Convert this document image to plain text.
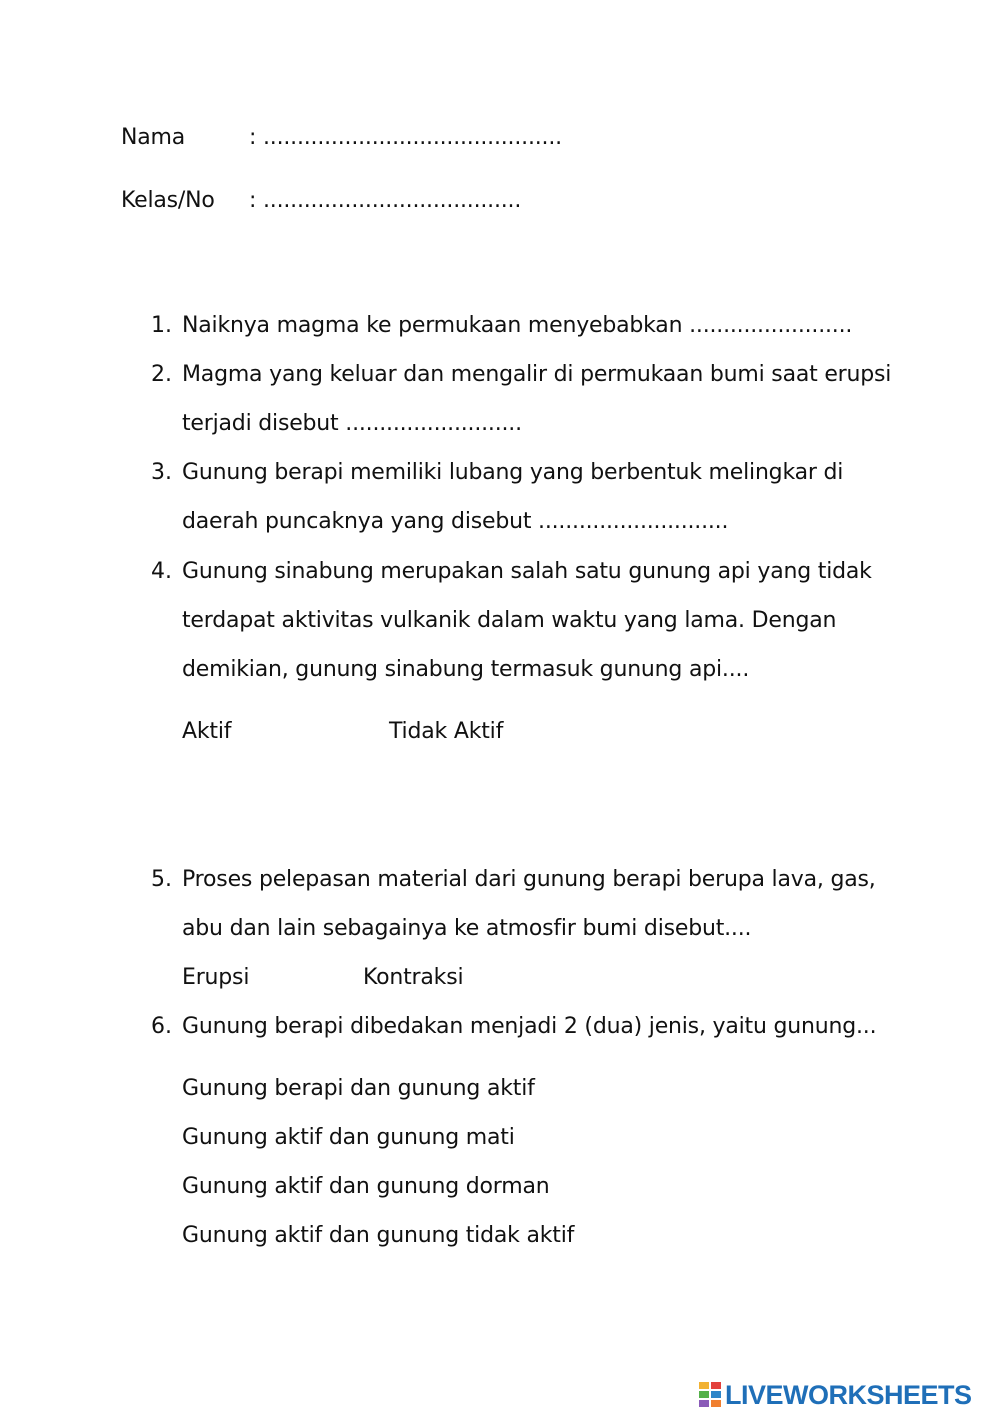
Nama	: ............................................
Kelas/No : ......................................
1. Naiknya magma ke permukaan menyebabkan ........................
2. Magma yang keluar dan mengalir di permukaan bumi saat erupsi
terjadi disebut ..........................
3. Gunung berapi memiliki lubang yang berbentuk melingkar di
daerah puncaknya yang disebut ............................
4. Gunung sinabung merupakan salah satu gunung api yang tidak
terdapat aktivitas vulkanik dalam waktu yang lama. Dengan
demikian, gunung sinabung termasuk gunung api....
Aktif	Tidak Aktif
5. Proses pelepasan material dari gunung berapi berupa lava, gas,
abu dan lain sebagainya ke atmosfir bumi disebut....
Erupsi	Kontraksi
6. Gunung berapi dibedakan menjadi 2 (dua) jenis, yaitu gunung...
Gunung berapi dan gunung aktif
Gunung aktif dan gunung mati
Gunung aktif dan gunung dorman
Gunung aktif dan gunung tidak aktif
LIVEWORKSHEETS
